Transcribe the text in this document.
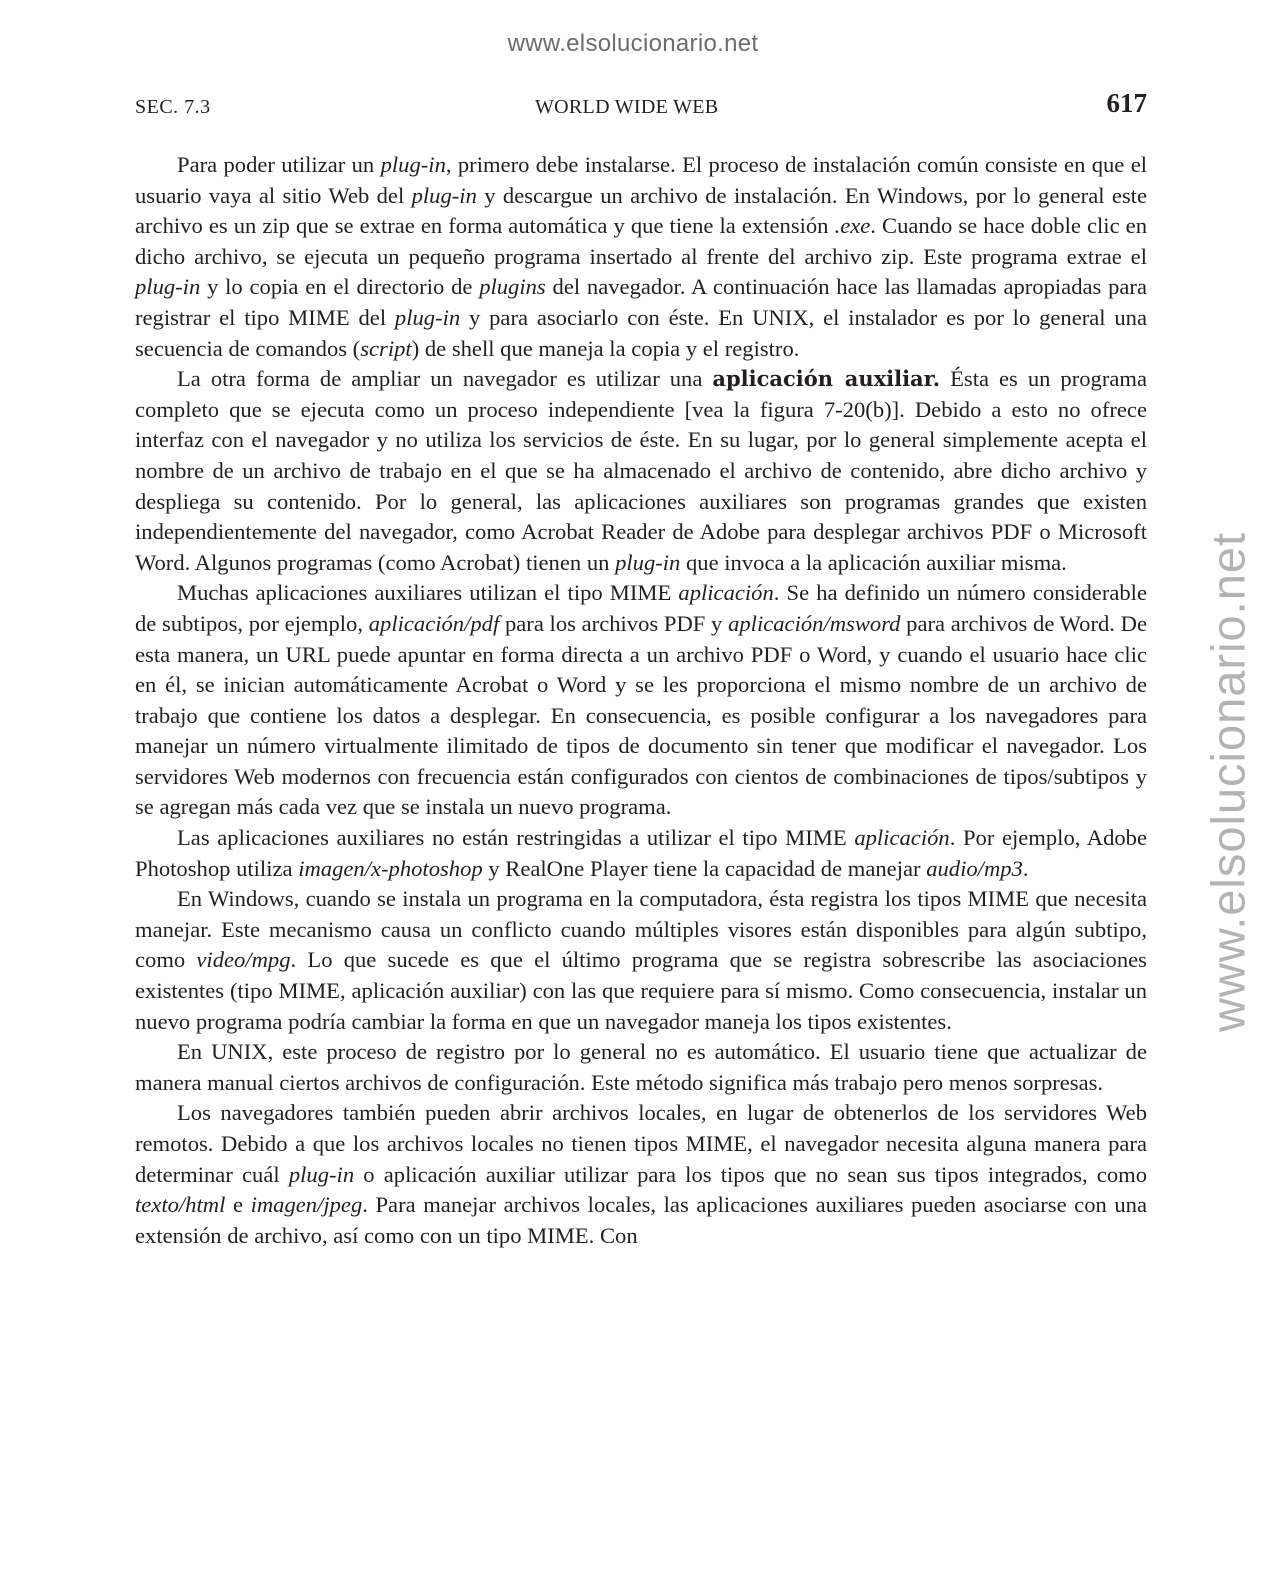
www.elsolucionario.net
www.elsolucionario.net
SEC. 7.3	WORLD WIDE WEB	617

Para poder utilizar un plug-in, primero debe instalarse. El proceso de instalación común consiste en que el usuario vaya al sitio Web del plug-in y descargue un archivo de instalación. En Windows, por lo general este archivo es un zip que se extrae en forma automática y que tiene la extensión .exe. Cuando se hace doble clic en dicho archivo, se ejecuta un pequeño programa insertado al frente del archivo zip. Este programa extrae el plug-in y lo copia en el directorio de plugins del navegador. A continuación hace las llamadas apropiadas para registrar el tipo MIME del plug-in y para asociarlo con éste. En UNIX, el instalador es por lo general una secuencia de comandos (script) de shell que maneja la copia y el registro.

La otra forma de ampliar un navegador es utilizar una aplicación auxiliar. Ésta es un programa completo que se ejecuta como un proceso independiente [vea la figura 7-20(b)]. Debido a esto no ofrece interfaz con el navegador y no utiliza los servicios de éste. En su lugar, por lo general simplemente acepta el nombre de un archivo de trabajo en el que se ha almacenado el archivo de contenido, abre dicho archivo y despliega su contenido. Por lo general, las aplicaciones auxiliares son programas grandes que existen independientemente del navegador, como Acrobat Reader de Adobe para desplegar archivos PDF o Microsoft Word. Algunos programas (como Acrobat) tienen un plug-in que invoca a la aplicación auxiliar misma.

Muchas aplicaciones auxiliares utilizan el tipo MIME aplicación. Se ha definido un número considerable de subtipos, por ejemplo, aplicación/pdf para los archivos PDF y aplicación/msword para archivos de Word. De esta manera, un URL puede apuntar en forma directa a un archivo PDF o Word, y cuando el usuario hace clic en él, se inician automáticamente Acrobat o Word y se les proporciona el mismo nombre de un archivo de trabajo que contiene los datos a desplegar. En consecuencia, es posible configurar a los navegadores para manejar un número virtualmente ilimitado de tipos de documento sin tener que modificar el navegador. Los servidores Web modernos con frecuencia están configurados con cientos de combinaciones de tipos/subtipos y se agregan más cada vez que se instala un nuevo programa.

Las aplicaciones auxiliares no están restringidas a utilizar el tipo MIME aplicación. Por ejemplo, Adobe Photoshop utiliza imagen/x-photoshop y RealOne Player tiene la capacidad de manejar audio/mp3.

En Windows, cuando se instala un programa en la computadora, ésta registra los tipos MIME que necesita manejar. Este mecanismo causa un conflicto cuando múltiples visores están disponibles para algún subtipo, como video/mpg. Lo que sucede es que el último programa que se registra sobrescribe las asociaciones existentes (tipo MIME, aplicación auxiliar) con las que requiere para sí mismo. Como consecuencia, instalar un nuevo programa podría cambiar la forma en que un navegador maneja los tipos existentes.

En UNIX, este proceso de registro por lo general no es automático. El usuario tiene que actualizar de manera manual ciertos archivos de configuración. Este método significa más trabajo pero menos sorpresas.

Los navegadores también pueden abrir archivos locales, en lugar de obtenerlos de los servidores Web remotos. Debido a que los archivos locales no tienen tipos MIME, el navegador necesita alguna manera para determinar cuál plug-in o aplicación auxiliar utilizar para los tipos que no sean sus tipos integrados, como texto/html e imagen/jpeg. Para manejar archivos locales, las aplicaciones auxiliares pueden asociarse con una extensión de archivo, así como con un tipo MIME. Con
